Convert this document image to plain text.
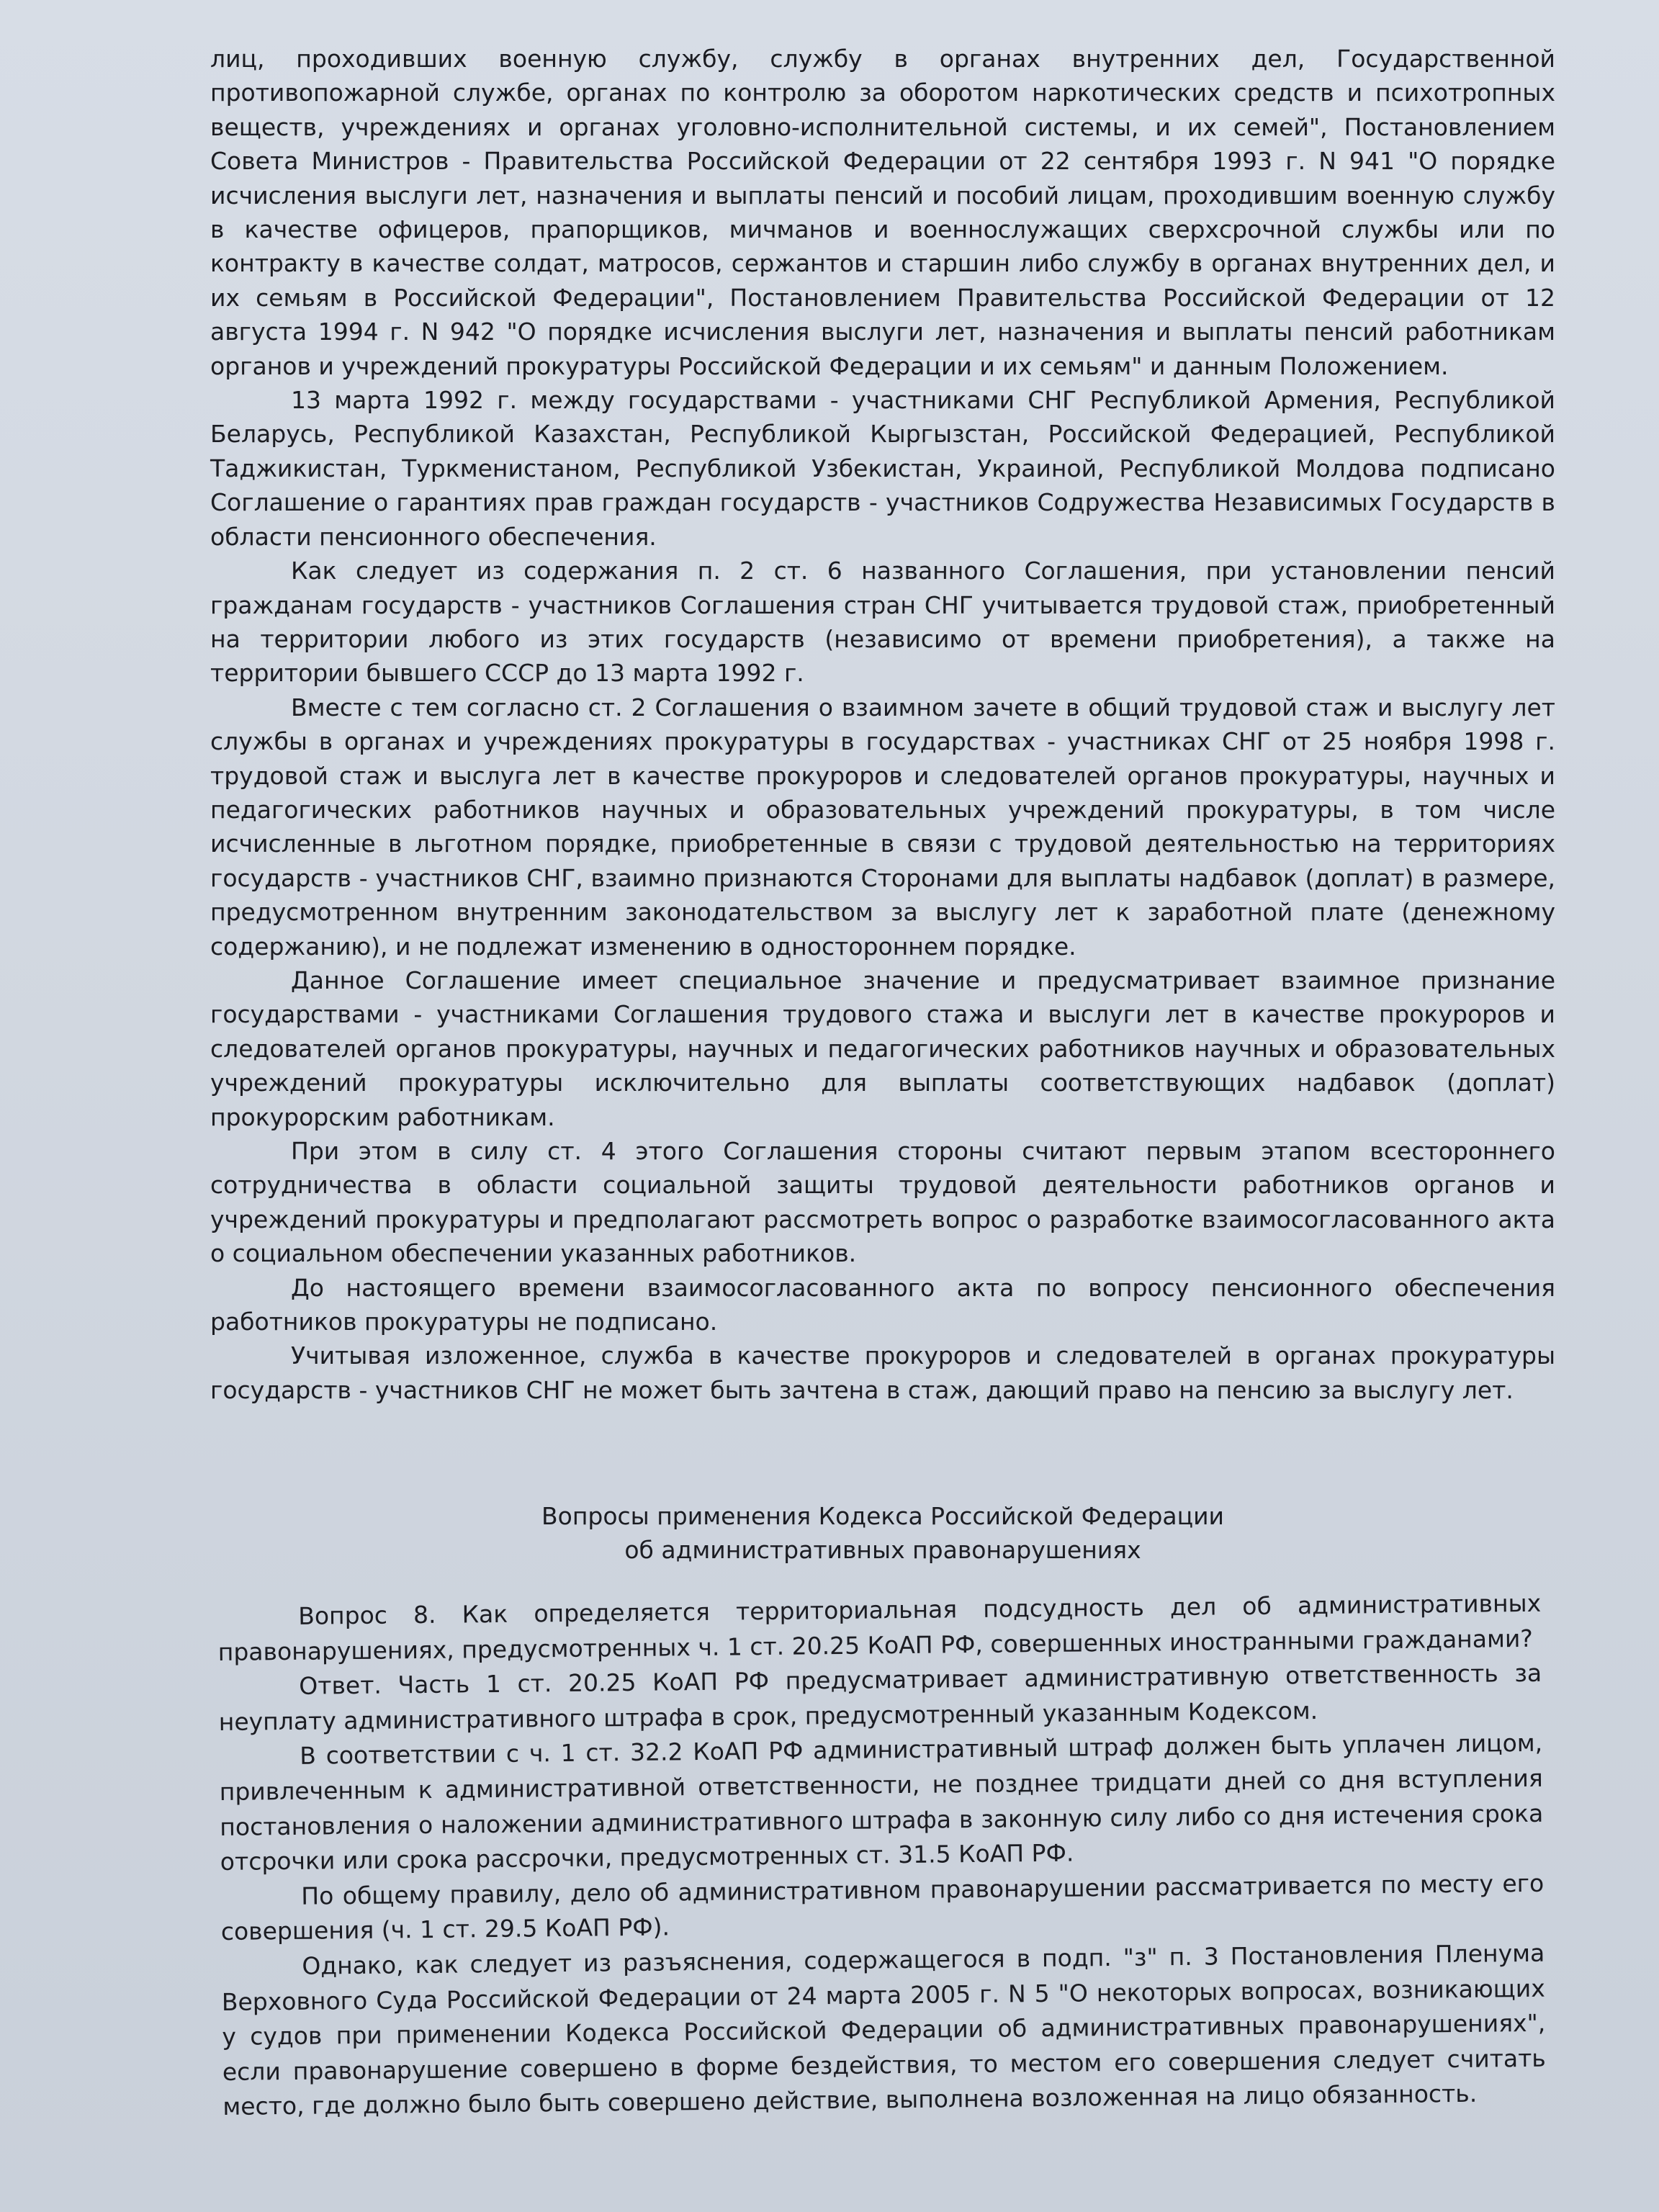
лиц, проходивших военную службу, службу в органах внутренних дел, Государственной противопожарной службе, органах по контролю за оборотом наркотических средств и психотропных веществ, учреждениях и органах уголовно-исполнительной системы, и их семей", Постановлением Совета Министров - Правительства Российской Федерации от 22 сентября 1993 г. N 941 "О порядке исчисления выслуги лет, назначения и выплаты пенсий и пособий лицам, проходившим военную службу в качестве офицеров, прапорщиков, мичманов и военнослужащих сверхсрочной службы или по контракту в качестве солдат, матросов, сержантов и старшин либо службу в органах внутренних дел, и их семьям в Российской Федерации", Постановлением Правительства Российской Федерации от 12 августа 1994 г. N 942 "О порядке исчисления выслуги лет, назначения и выплаты пенсий работникам органов и учреждений прокуратуры Российской Федерации и их семьям" и данным Положением.

13 марта 1992 г. между государствами - участниками СНГ Республикой Армения, Республикой Беларусь, Республикой Казахстан, Республикой Кыргызстан, Российской Федерацией, Республикой Таджикистан, Туркменистаном, Республикой Узбекистан, Украиной, Республикой Молдова подписано Соглашение о гарантиях прав граждан государств - участников Содружества Независимых Государств в области пенсионного обеспечения.

Как следует из содержания п. 2 ст. 6 названного Соглашения, при установлении пенсий гражданам государств - участников Соглашения стран СНГ учитывается трудовой стаж, приобретенный на территории любого из этих государств (независимо от времени приобретения), а также на территории бывшего СССР до 13 марта 1992 г.

Вместе с тем согласно ст. 2 Соглашения о взаимном зачете в общий трудовой стаж и выслугу лет службы в органах и учреждениях прокуратуры в государствах - участниках СНГ от 25 ноября 1998 г. трудовой стаж и выслуга лет в качестве прокуроров и следователей органов прокуратуры, научных и педагогических работников научных и образовательных учреждений прокуратуры, в том числе исчисленные в льготном порядке, приобретенные в связи с трудовой деятельностью на территориях государств - участников СНГ, взаимно признаются Сторонами для выплаты надбавок (доплат) в размере, предусмотренном внутренним законодательством за выслугу лет к заработной плате (денежному содержанию), и не подлежат изменению в одностороннем порядке.

Данное Соглашение имеет специальное значение и предусматривает взаимное признание государствами - участниками Соглашения трудового стажа и выслуги лет в качестве прокуроров и следователей органов прокуратуры, научных и педагогических работников научных и образовательных учреждений прокуратуры исключительно для выплаты соответствующих надбавок (доплат) прокурорским работникам.

При этом в силу ст. 4 этого Соглашения стороны считают первым этапом всестороннего сотрудничества в области социальной защиты трудовой деятельности работников органов и учреждений прокуратуры и предполагают рассмотреть вопрос о разработке взаимосогласованного акта о социальном обеспечении указанных работников.

До настоящего времени взаимосогласованного акта по вопросу пенсионного обеспечения работников прокуратуры не подписано.

Учитывая изложенное, служба в качестве прокуроров и следователей в органах прокуратуры государств - участников СНГ не может быть зачтена в стаж, дающий право на пенсию за выслугу лет.

Вопросы применения Кодекса Российской Федерации
об административных правонарушениях

Вопрос 8. Как определяется территориальная подсудность дел об административных правонарушениях, предусмотренных ч. 1 ст. 20.25 КоАП РФ, совершенных иностранными гражданами?

Ответ. Часть 1 ст. 20.25 КоАП РФ предусматривает административную ответственность за неуплату административного штрафа в срок, предусмотренный указанным Кодексом.

В соответствии с ч. 1 ст. 32.2 КоАП РФ административный штраф должен быть уплачен лицом, привлеченным к административной ответственности, не позднее тридцати дней со дня вступления постановления о наложении административного штрафа в законную силу либо со дня истечения срока отсрочки или срока рассрочки, предусмотренных ст. 31.5 КоАП РФ.

По общему правилу, дело об административном правонарушении рассматривается по месту его совершения (ч. 1 ст. 29.5 КоАП РФ).

Однако, как следует из разъяснения, содержащегося в подп. "з" п. 3 Постановления Пленума Верховного Суда Российской Федерации от 24 марта 2005 г. N 5 "О некоторых вопросах, возникающих у судов при применении Кодекса Российской Федерации об административных правонарушениях", если правонарушение совершено в форме бездействия, то местом его совершения следует считать место, где должно было быть совершено действие, выполнена возложенная на лицо обязанность.
